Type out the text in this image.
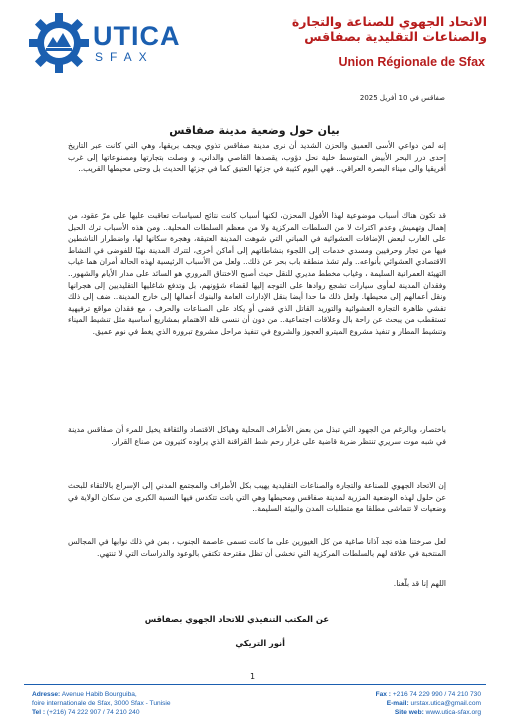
UTICA
SFAX
الاتحاد الجهوي للصناعة والتجارة
والصناعات التقليدية بصفاقس
Union Régionale de Sfax
صفاقس في 10 أفريل 2025
بيان حول وضعية مدينة صفاقس
إنه لمن دواعي الأسى العميق والحزن الشديد أن نرى مدينة صفاقس تذوي ويجف بريقها، وهي التي كانت عبر التاريخ إحدى درر البحر الأبيض المتوسط خلية نحل دؤوب، يقصدها القاصي والداني، و وصلت بتجارتها ومصنوعاتها إلى غرب أفريقيا والى ميناء البصرة العراقي.. فهي اليوم كئيبة في جزئها العتيق كما في جزئها الحديث بل وحتى محيطها القريب..
قد تكون هناك أسباب موضوعية لهذا الأفول المحزن، لكنها أسباب كانت نتائج لسياسات تعاقبت عليها على مرّ عقود، من إهمال وتهميش وعدم اكتراث لا من السلطات المركزية ولا من معظم السلطات المحلية.. ومن هذه الأسباب ترك الحبل على الغارب لبعض الإضافات العشوائية في المباني التي شوهت المدينة العتيقة، وهجرة سكانها لها، واضطرار الناشطين فيها من تجار وحرفيين ومسدي خدمات إلى اللجوء بنشاطاتهم إلى أماكن أخرى، لتترك المدينة نهبًا للفوضى في النشاط الاقتصادي العشوائي بأنواعه.. ولم تشذ منطقة باب بحر عن ذلك.. ولعل من الأسباب الرئيسية لهذه الحالة أمران هما غياب التهيئة العمرانية السليمة ، وغياب مخطط مديري للنقل حيث أصبح الاختناق المروري هو السائد على مدار الأيام والشهور.. وفقدان المدينة لمأوى سيارات تشجع روادها على التوجه إليها لقضاء شؤونهم، بل وتدفع شاغليها التقليديين إلى هجرانها ونقل أعمالهم إلى محيطها. ولعل ذلك ما حدا أيضا بنقل الإدارات العامة والبنوك أعمالها إلى خارج المدينة.. ضف إلى ذلك تفشي ظاهرة التجارة العشوائية والتوريد القاتل الذي قضى أو يكاد على الصناعات والحرف ، مع فقدان مواقع ترفيهية تستقطب من يبحث عن راحة بال وعلاقات اجتماعية.. من دون أن ننسى قلة الاهتمام بمشاريع أساسية مثل تنشيط الميناء وتنشيط المطار و تنفيذ مشروع الميترو العجوز والشروع في تنفيذ مراحل مشروع تبرورة الذي يغط في نوم عميق.
باختصار، وبالرغم من الجهود التي تبذل من بعض الأطراف المحلية وهياكل الاقتصاد والثقافة يخيل للمرء أن صفاقس مدينة في شبه موت سريري تنتظر ضربة قاضية على غرار رحم شط القراقنة الذي يراوده كثيرون من صناع القرار.
إن الاتحاد الجهوي للصناعة والتجارة والصناعات التقليدية يهيب بكل الأطراف والمجتمع المدني إلى الإسراع بالالتقاء للبحث عن حلول لهذه الوضعية المزرية لمدينة صفاقس ومحيطها وهي التي باتت تتكدس فيها النسبة الكبرى من سكان الولاية في وضعيات لا تتماشى مطلقا مع متطلبات المدن والبيئة السليمة..
لعل صرختنا هذه تجد آذانا صاغية من كل الغيورين على ما كانت تسمى عاصمة الجنوب ، بمن في ذلك نوابها في المجالس المنتخبة في علاقة لهم بالسلطات المركزية التي نخشى أن تظل مقترحة تكتفي بالوعود والدراسات التي لا تنتهي.
اللهم إنا قد بلّغنا.
عن المكتب التنفيذي للاتحاد الجهوي بصفاقس
أنور التريكي
1
Adresse: Avenue Habib Bourguiba,
foire internationale de Sfax, 3000 Sfax - Tunisie
Tel : (+216) 74 222 907 / 74 210 240
Fax : +216 74 229 990 / 74 210 730
E-mail: urstax.utica@gmail.com
Site web: www.utica-sfax.org
